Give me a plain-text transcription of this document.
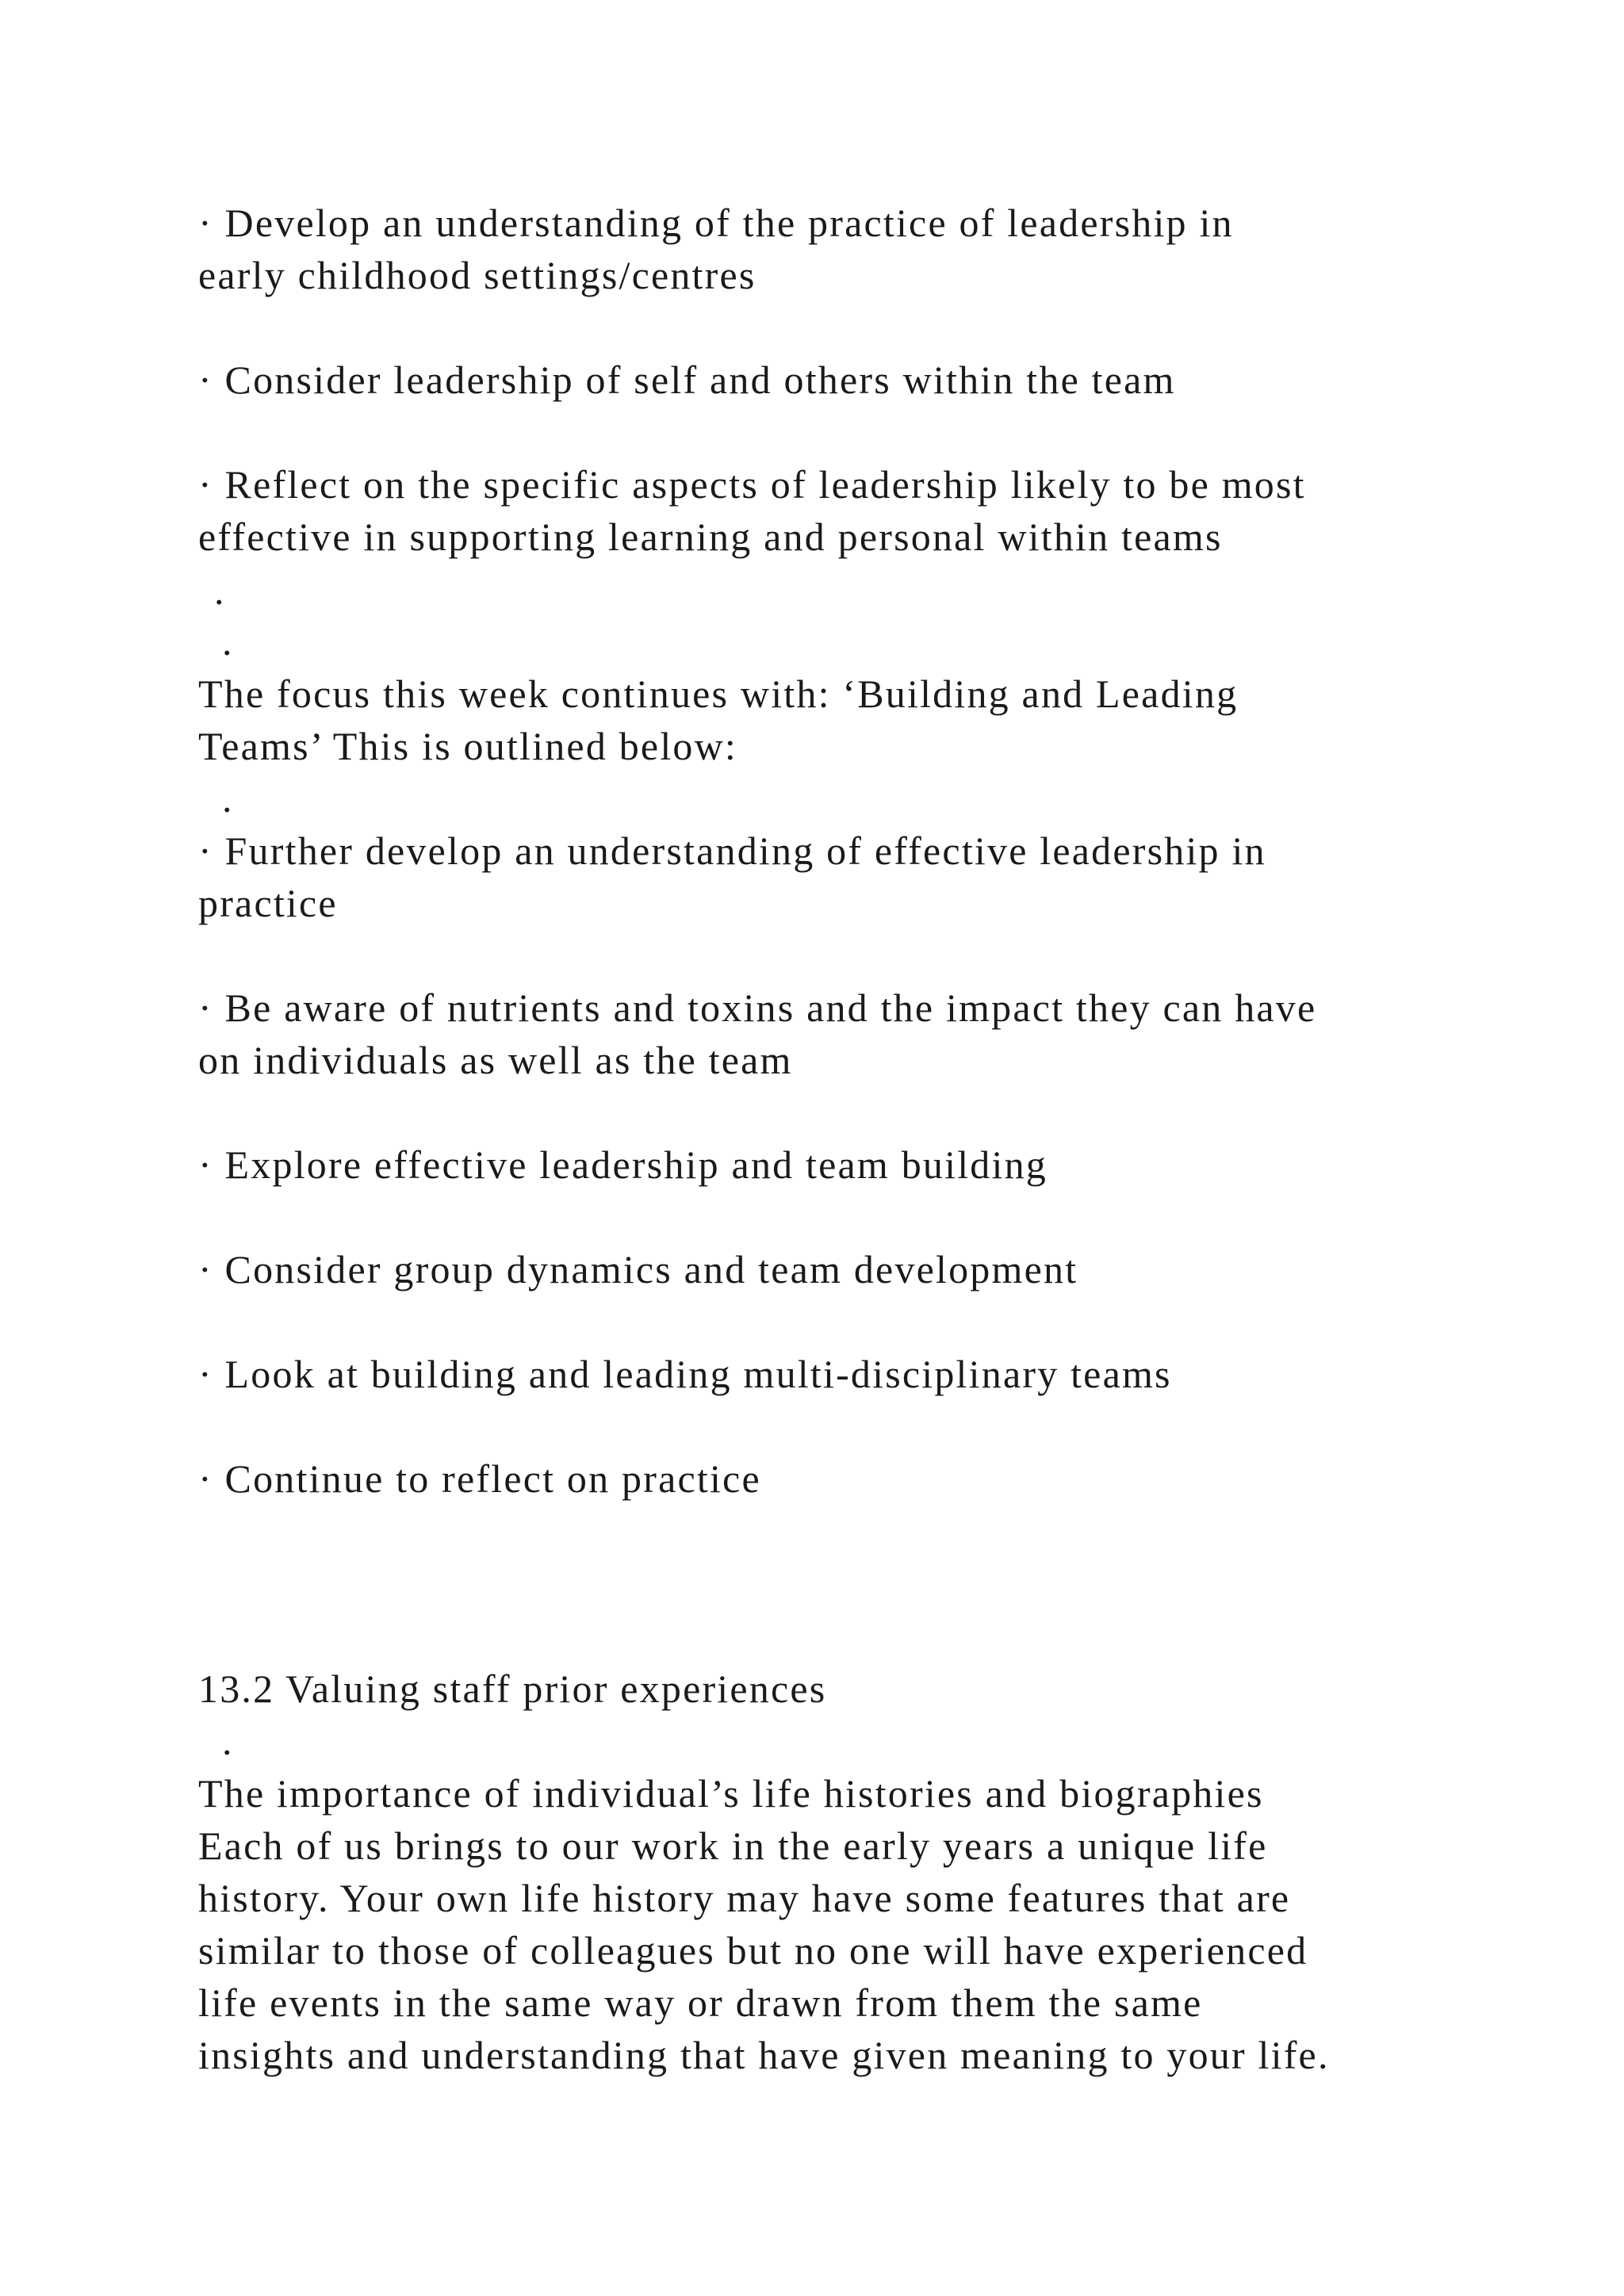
· Develop an understanding of the practice of leadership in

early childhood settings/centres

· Consider leadership of self and others within the team

· Reflect on the specific aspects of leadership likely to be most

effective in supporting learning and personal within teams

.

.

The focus this week continues with: ‘Building and Leading

Teams’ This is outlined below:

.

· Further develop an understanding of effective leadership in

practice

· Be aware of nutrients and toxins and the impact they can have

on individuals as well as the team

· Explore effective leadership and team building

· Consider group dynamics and team development

· Look at building and leading multi-disciplinary teams

· Continue to reflect on practice

13.2 Valuing staff prior experiences

.

The importance of individual’s life histories and biographies

Each of us brings to our work in the early years a unique life

history. Your own life history may have some features that are

similar to those of colleagues but no one will have experienced

life events in the same way or drawn from them the same

insights and understanding that have given meaning to your life.
